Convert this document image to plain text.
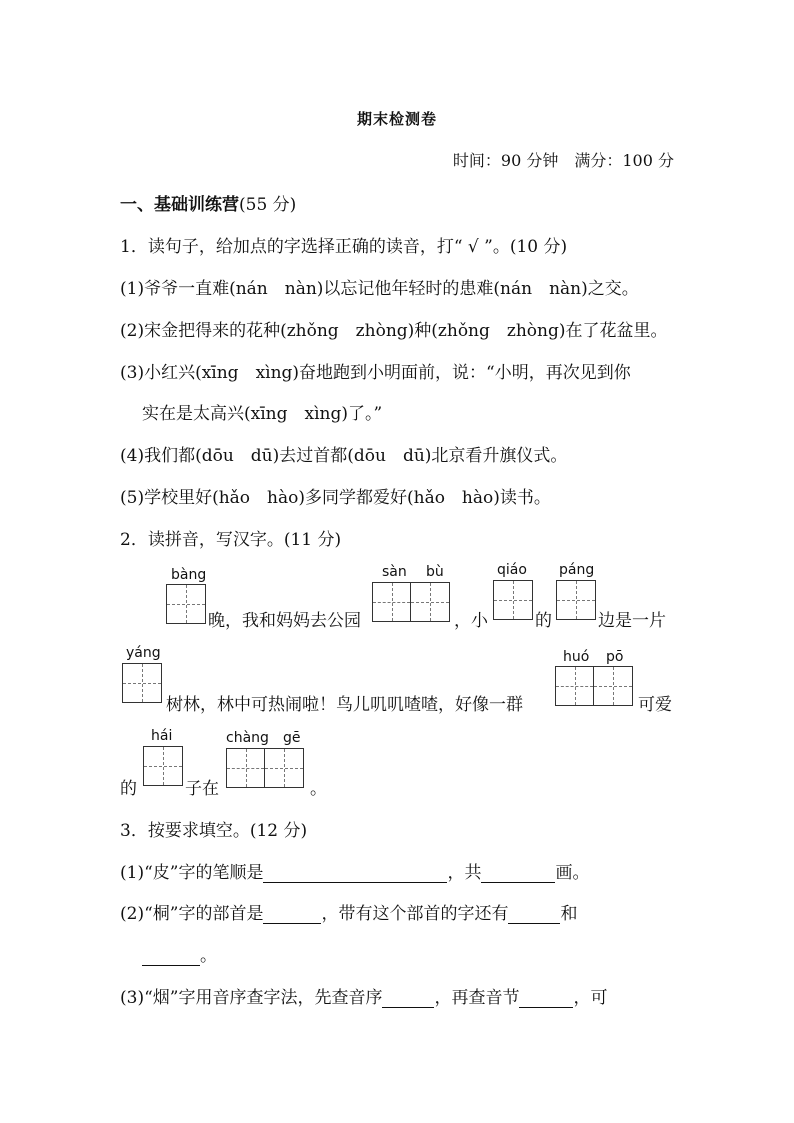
期末检测卷
时间：90 分钟　满分：100 分
一、基础训练营(55 分)
1．读句子，给加点的字选择正确的读音，打“ √ ”。(10 分)
(1)爷爷一直难(nán　nàn)以忘记他年轻时的患难(nán　nàn)之交。
(2)宋金把得来的花种(zhǒng　zhòng)种(zhǒng　zhòng)在了花盆里。
(3)小红兴(xīng　xìng)奋地跑到小明面前，说：“小明，再次见到你
实在是太高兴(xīng　xìng)了。”
(4)我们都(dōu　dū)去过首都(dōu　dū)北京看升旗仪式。
(5)学校里好(hǎo　hào)多同学都爱好(hǎo　hào)读书。
2．读拼音，写汉字。(11 分)
bàng
晚，我和妈妈去公园
sàn bù
，小
qiáo
的
páng
边是一片
yáng
树林，林中可热闹啦！鸟儿叽叽喳喳，好像一群
huó pō
可爱
hái
的	子在
chàng gē
。
3．按要求填空。(12 分)
(1)“皮”字的笔顺是	，共	画。
(2)“桐”字的部首是	，带有这个部首的字还有	和
。
(3)“烟”字用音序查字法，先查音序	，再查音节	，可
